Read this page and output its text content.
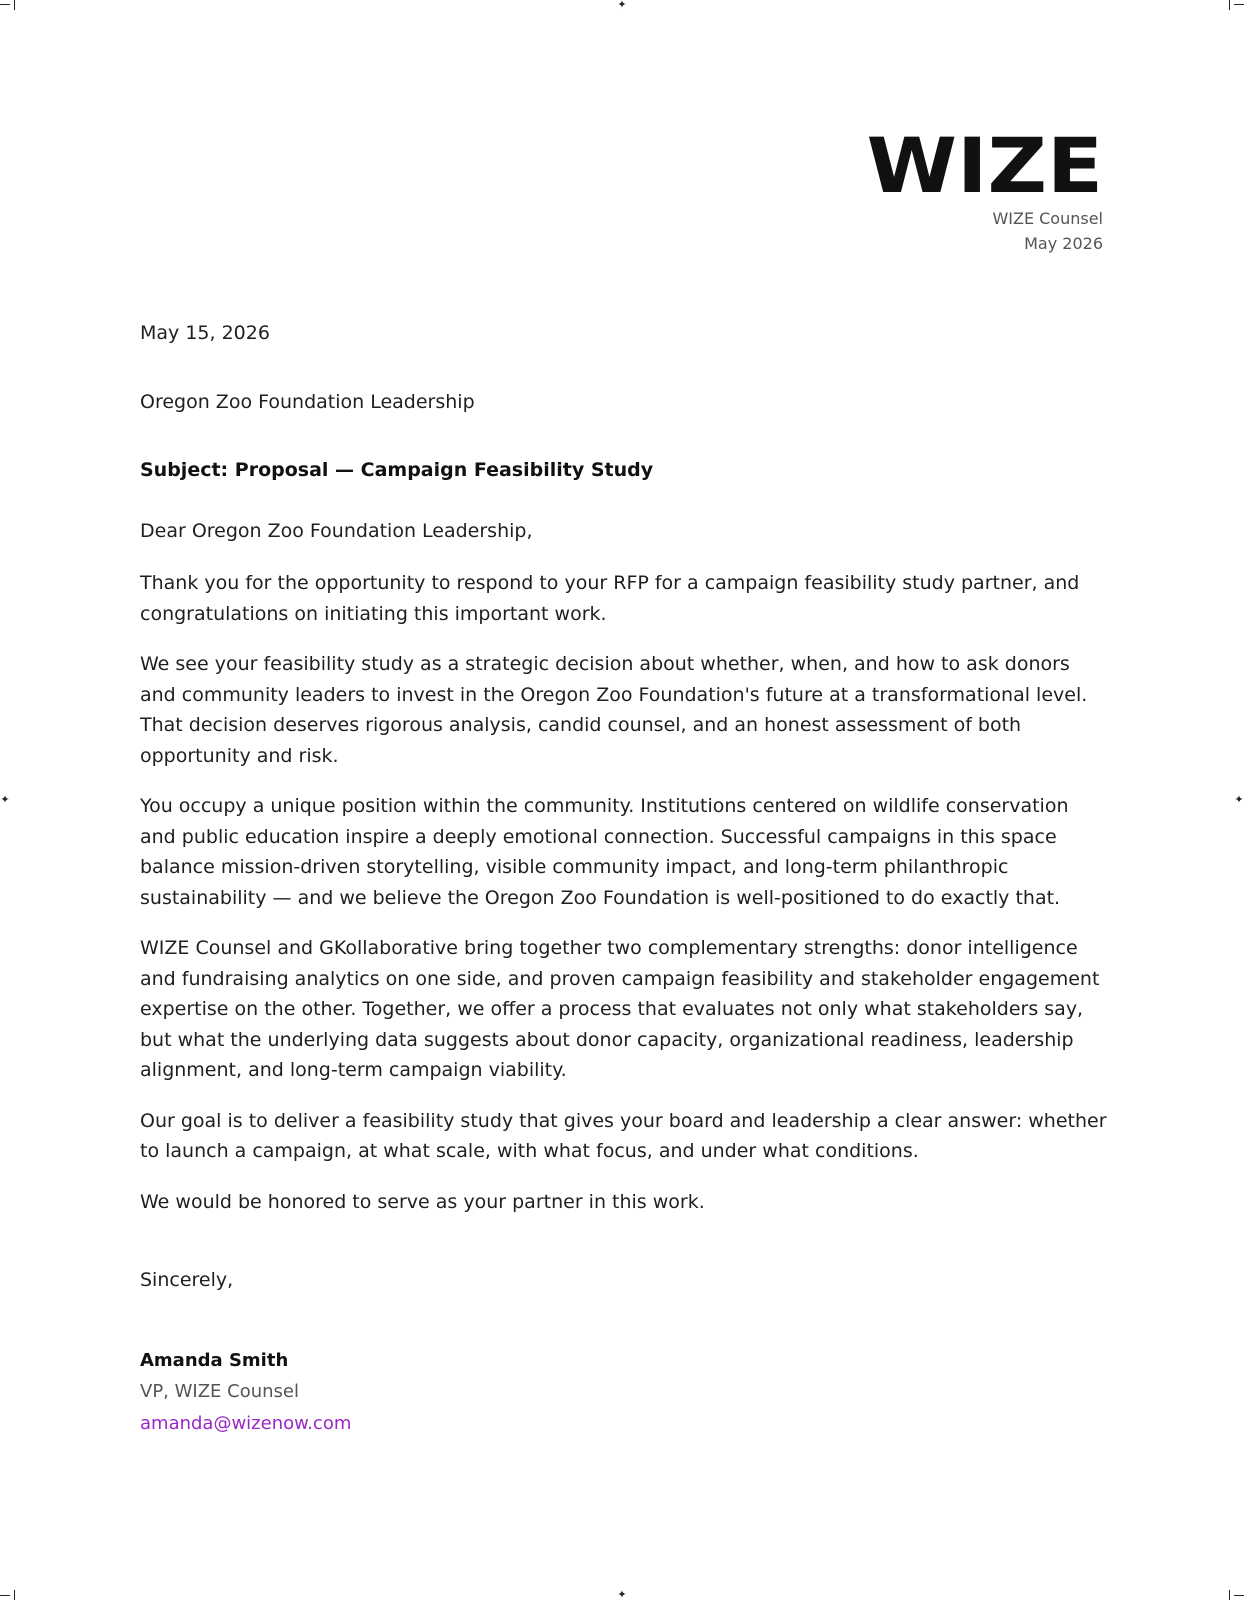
✦
✦
✦	✦
WIZE
WIZE Counsel
May 2026

May 15, 2026

Oregon Zoo Foundation Leadership

Subject: Proposal — Campaign Feasibility Study

Dear Oregon Zoo Foundation Leadership,

Thank you for the opportunity to respond to your RFP for a campaign feasibility study partner, and congratulations on initiating this important work.

We see your feasibility study as a strategic decision about whether, when, and how to ask donors and community leaders to invest in the Oregon Zoo Foundation's future at a transformational level. That decision deserves rigorous analysis, candid counsel, and an honest assessment of both opportunity and risk.

You occupy a unique position within the community. Institutions centered on wildlife conservation and public education inspire a deeply emotional connection. Successful campaigns in this space balance mission-driven storytelling, visible community impact, and long-term philanthropic sustainability — and we believe the Oregon Zoo Foundation is well-positioned to do exactly that.

WIZE Counsel and GKollaborative bring together two complementary strengths: donor intelligence and fundraising analytics on one side, and proven campaign feasibility and stakeholder engagement expertise on the other. Together, we offer a process that evaluates not only what stakeholders say, but what the underlying data suggests about donor capacity, organizational readiness, leadership alignment, and long-term campaign viability.

Our goal is to deliver a feasibility study that gives your board and leadership a clear answer: whether to launch a campaign, at what scale, with what focus, and under what conditions.

We would be honored to serve as your partner in this work.

Sincerely,

Amanda Smith
VP, WIZE Counsel
amanda@wizenow.com
